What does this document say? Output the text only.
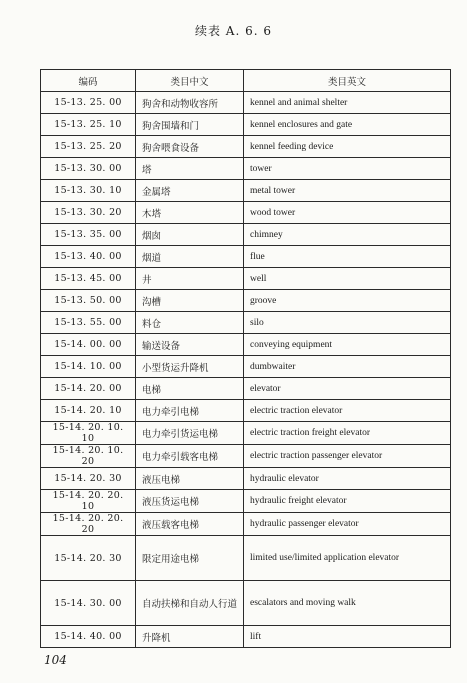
续表 A. 6. 6
编码	类目中文	类目英文
15-13. 25. 00	狗舍和动物收容所	kennel and animal shelter
15-13. 25. 10	狗舍围墙和门	kennel enclosures and gate
15-13. 25. 20	狗舍喂食设备	kennel feeding device
15-13. 30. 00	塔	tower
15-13. 30. 10	金属塔	metal tower
15-13. 30. 20	木塔	wood tower
15-13. 35. 00	烟囱	chimney
15-13. 40. 00	烟道	flue
15-13. 45. 00	井	well
15-13. 50. 00	沟槽	groove
15-13. 55. 00	料仓	silo
15-14. 00. 00	输送设备	conveying equipment
15-14. 10. 00	小型货运升降机	dumbwaiter
15-14. 20. 00	电梯	elevator
15-14. 20. 10	电力牵引电梯	electric traction elevator
15-14. 20. 10. 10	电力牵引货运电梯	electric traction freight elevator
15-14. 20. 10. 20	电力牵引载客电梯	electric traction passenger elevator
15-14. 20. 30	液压电梯	hydraulic elevator
15-14. 20. 20. 10	液压货运电梯	hydraulic freight elevator
15-14. 20. 20. 20	液压载客电梯	hydraulic passenger elevator
15-14. 20. 30	限定用途电梯	limited use/limited application elevator
15-14. 30. 00	自动扶梯和自动人行道	escalators and moving walk
15-14. 40. 00	升降机	lift
104
